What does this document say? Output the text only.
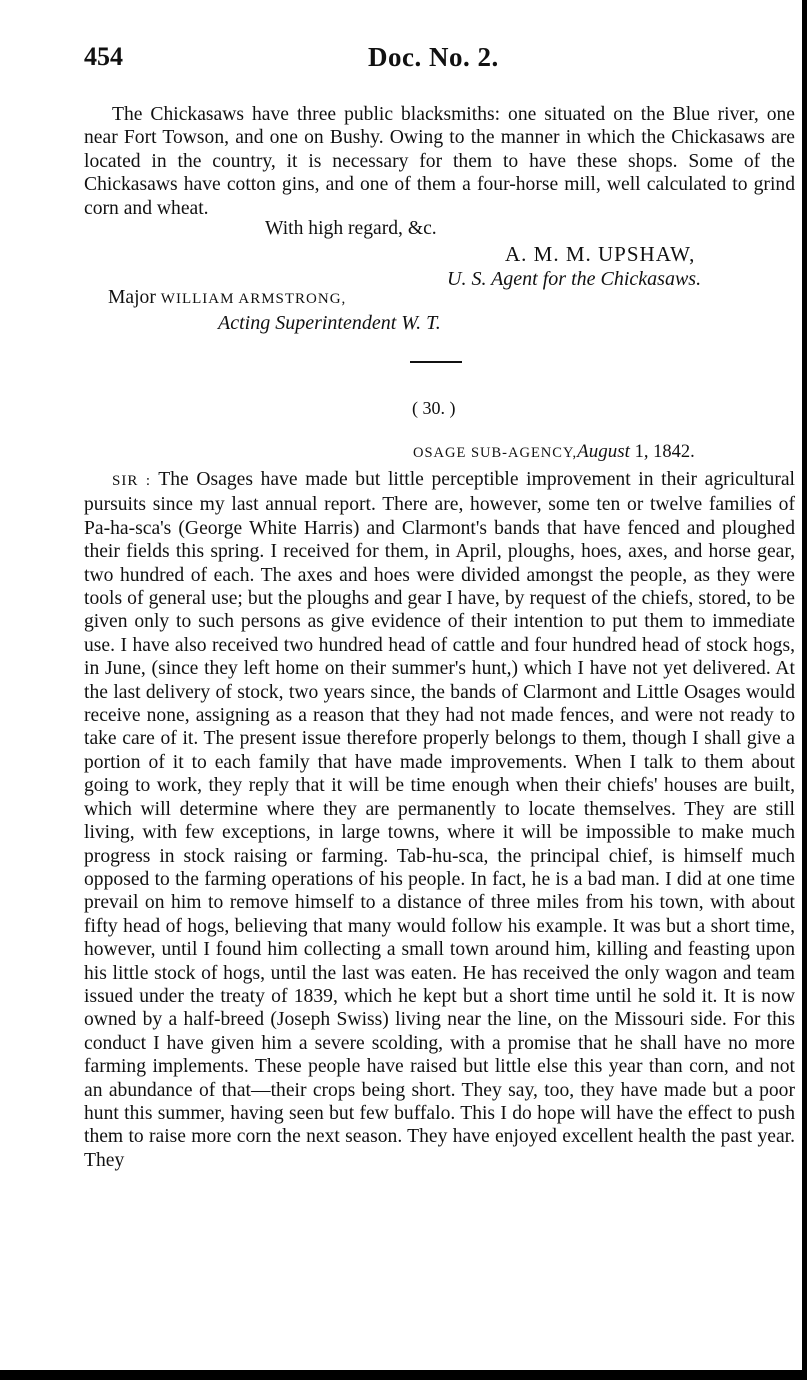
454	Doc. No. 2.

The Chickasaws have three public blacksmiths: one situated on the Blue river, one near Fort Towson, and one on Bushy. Owing to the manner in which the Chickasaws are located in the country, it is necessary for them to have these shops. Some of the Chickasaws have cotton gins, and one of them a four-horse mill, well calculated to grind corn and wheat.

With high regard, &c.
A. M. M. UPSHAW,
U. S. Agent for the Chickasaws.
Major WILLIAM ARMSTRONG,
Acting Superintendent W. T.
( 30. )
OSAGE SUB-AGENCY,August 1, 1842.

SIR : The Osages have made but little perceptible improvement in their agricultural pursuits since my last annual report. There are, however, some ten or twelve families of Pa-ha-sca's (George White Harris) and Clarmont's bands that have fenced and ploughed their fields this spring. I received for them, in April, ploughs, hoes, axes, and horse gear, two hundred of each. The axes and hoes were divided amongst the people, as they were tools of general use; but the ploughs and gear I have, by request of the chiefs, stored, to be given only to such persons as give evidence of their intention to put them to immediate use. I have also received two hundred head of cattle and four hundred head of stock hogs, in June, (since they left home on their summer's hunt,) which I have not yet delivered. At the last delivery of stock, two years since, the bands of Clarmont and Little Osages would receive none, assigning as a reason that they had not made fences, and were not ready to take care of it. The present issue therefore properly belongs to them, though I shall give a portion of it to each family that have made improvements. When I talk to them about going to work, they reply that it will be time enough when their chiefs' houses are built, which will determine where they are permanently to locate themselves. They are still living, with few exceptions, in large towns, where it will be impossible to make much progress in stock raising or farming. Tab-hu-sca, the principal chief, is himself much opposed to the farming operations of his people. In fact, he is a bad man. I did at one time prevail on him to remove himself to a distance of three miles from his town, with about fifty head of hogs, believing that many would follow his example. It was but a short time, however, until I found him collecting a small town around him, killing and feasting upon his little stock of hogs, until the last was eaten. He has received the only wagon and team issued under the treaty of 1839, which he kept but a short time until he sold it. It is now owned by a half-breed (Joseph Swiss) living near the line, on the Missouri side. For this conduct I have given him a severe scolding, with a promise that he shall have no more farming implements. These people have raised but little else this year than corn, and not an abundance of that—their crops being short. They say, too, they have made but a poor hunt this summer, having seen but few buffalo. This I do hope will have the effect to push them to raise more corn the next season. They have enjoyed excellent health the past year. They
